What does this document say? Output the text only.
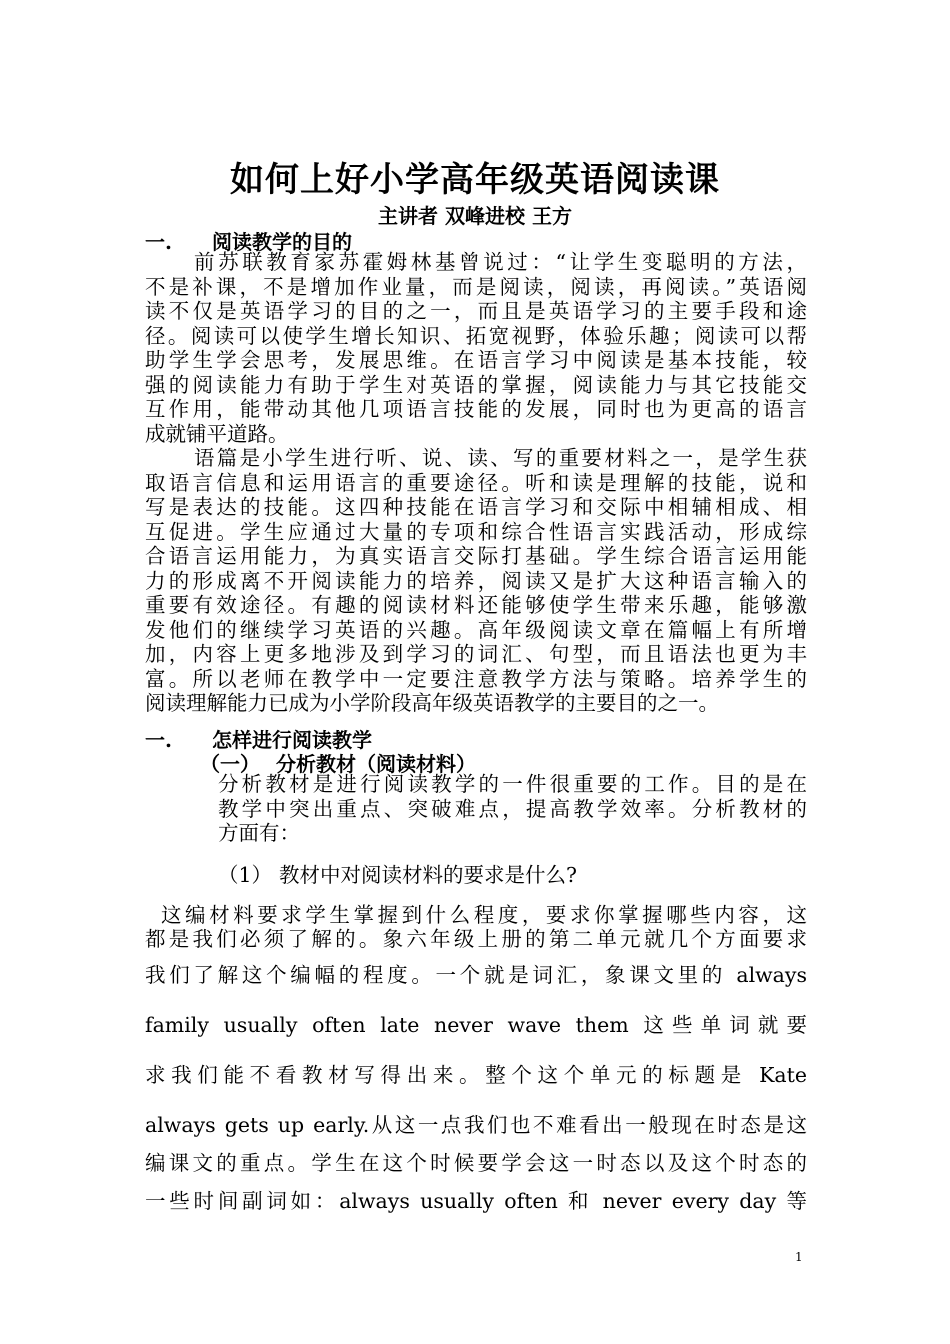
如何上好小学高年级英语阅读课
主讲者 双峰进校 王方
一. 阅读教学的目的
前苏联教育家苏霍姆林基曾说过：“让学生变聪明的方法，
不是补课，不是增加作业量，而是阅读，阅读，再阅读。”英语阅
读不仅是英语学习的目的之一，而且是英语学习的主要手段和途
径。阅读可以使学生增长知识、拓宽视野，体验乐趣；阅读可以帮
助学生学会思考，发展思维。在语言学习中阅读是基本技能，较
强的阅读能力有助于学生对英语的掌握，阅读能力与其它技能交
互作用，能带动其他几项语言技能的发展，同时也为更高的语言
成就铺平道路。
语篇是小学生进行听、说、读、写的重要材料之一，是学生获
取语言信息和运用语言的重要途径。听和读是理解的技能，说和
写是表达的技能。这四种技能在语言学习和交际中相辅相成、相
互促进。学生应通过大量的专项和综合性语言实践活动，形成综
合语言运用能力，为真实语言交际打基础。学生综合语言运用能
力的形成离不开阅读能力的培养，阅读又是扩大这种语言输入的
重要有效途径。有趣的阅读材料还能够使学生带来乐趣，能够激
发他们的继续学习英语的兴趣。高年级阅读文章在篇幅上有所增
加，内容上更多地涉及到学习的词汇、句型，而且语法也更为丰
富。所以老师在教学中一定要注意教学方法与策略。培养学生的
阅读理解能力已成为小学阶段高年级英语教学的主要目的之一。
一. 怎样进行阅读教学
（一） 分析教材（阅读材料）
分析教材是进行阅读教学的一件很重要的工作。目的是在
教学中突出重点、突破难点，提高教学效率。分析教材的
方面有：
（1） 教材中对阅读材料的要求是什么?
这编材料要求学生掌握到什么程度，要求你掌握哪些内容，这
都是我们必须了解的。象六年级上册的第二单元就几个方面要求
我们了解这个编幅的程度。一个就是词汇，象课文里的 always
family usually often late never wave them 这些单词就要
求我们能不看教材写得出来。整个这个单元的标题是 Kate
always gets up early.从这一点我们也不难看出一般现在时态是这
编课文的重点。学生在这个时候要学会这一时态以及这个时态的
一些时间副词如：always usually often 和 never every day 等
1
